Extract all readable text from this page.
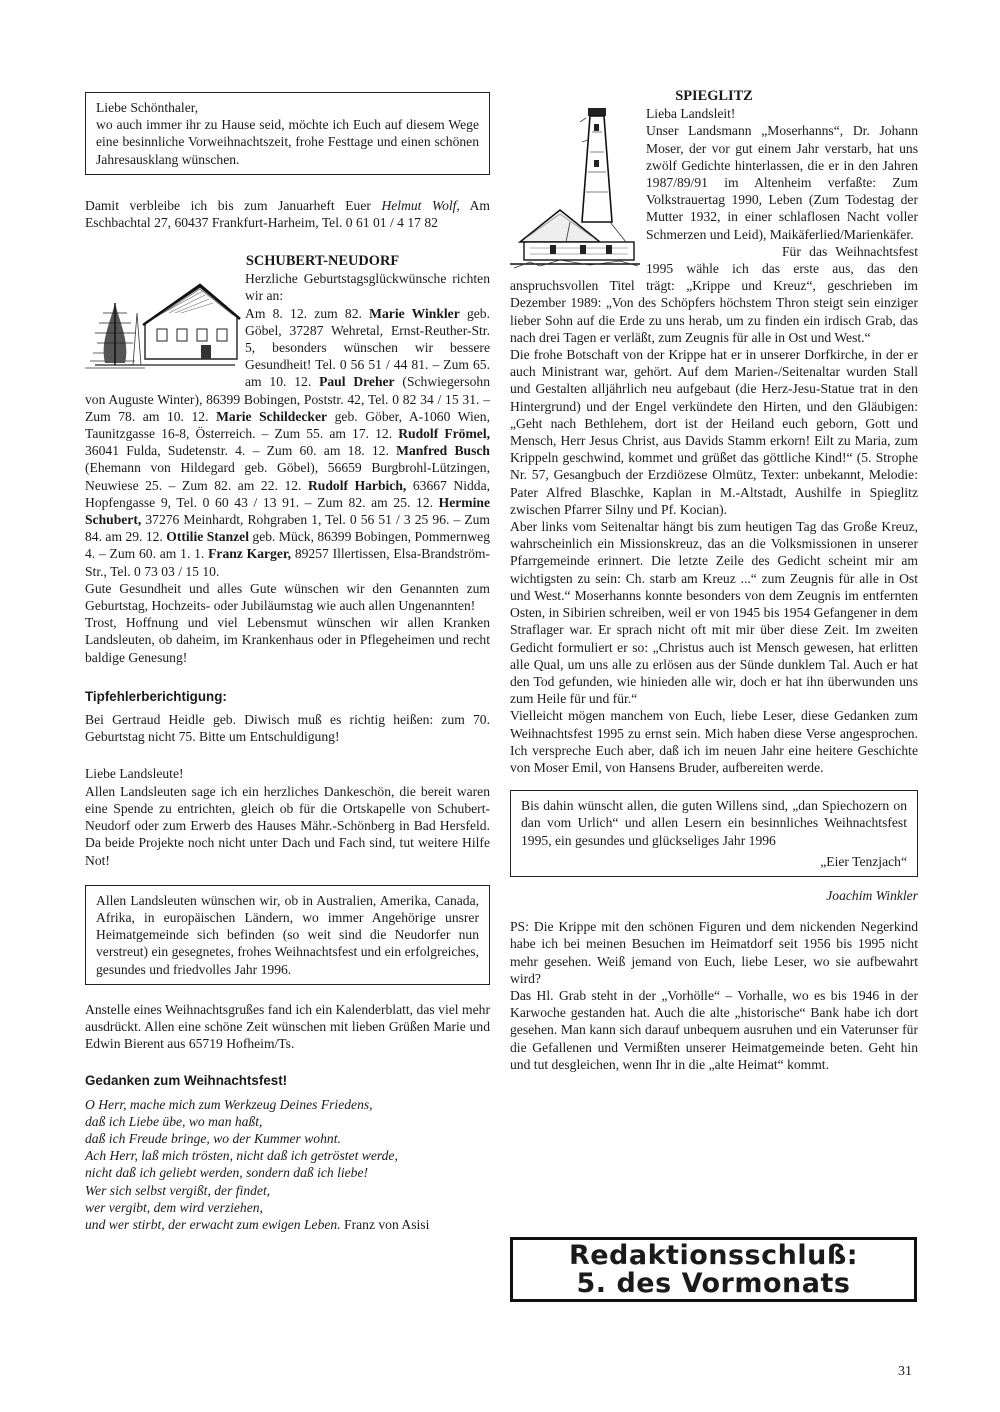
Liebe Schönthaler,

wo auch immer ihr zu Hause seid, möchte ich Euch auf diesem Wege eine besinnliche Vorweihnachtszeit, frohe Festtage und einen schönen Jahresausklang wünschen.

Damit verbleibe ich bis zum Januarheft Euer Helmut Wolf, Am Eschbachtal 27, 60437 Frankfurt-Harheim, Tel. 0 61 01 / 4 17 82

SCHUBERT-NEUDORF

Herzliche Geburtstagsglückwünsche richten wir an:

Am 8. 12. zum 82. Marie Winkler geb. Göbel, 37287 Wehretal, Ernst-Reuther-Str. 5, besonders wünschen wir bessere Gesundheit! Tel. 0 56 51 / 44 81. – Zum 65. am 10. 12. Paul Dreher (Schwiegersohn von Auguste Winter), 86399 Bobingen, Poststr. 42, Tel. 0 82 34 / 15 31. – Zum 78. am 10. 12. Marie Schildecker geb. Göber, A-1060 Wien, Taunitzgasse 16-8, Österreich. – Zum 55. am 17. 12. Rudolf Frömel, 36041 Fulda, Sudetenstr. 4. – Zum 60. am 18. 12. Manfred Busch (Ehemann von Hildegard geb. Göbel), 56659 Burgbrohl-Lützingen, Neuwiese 25. – Zum 82. am 22. 12. Rudolf Harbich, 63667 Nidda, Hopfengasse 9, Tel. 0 60 43 / 13 91. – Zum 82. am 25. 12. Hermine Schubert, 37276 Meinhardt, Rohgraben 1, Tel. 0 56 51 / 3 25 96. – Zum 84. am 29. 12. Ottilie Stanzel geb. Mück, 86399 Bobingen, Pommernweg 4. – Zum 60. am 1. 1. Franz Karger, 89257 Illertissen, Elsa-Brandström-Str., Tel. 0 73 03 / 15 10.

Gute Gesundheit und alles Gute wünschen wir den Genannten zum Geburtstag, Hochzeits- oder Jubiläumstag wie auch allen Ungenannten!

Trost, Hoffnung und viel Lebensmut wünschen wir allen Kranken Landsleuten, ob daheim, im Krankenhaus oder in Pflegeheimen und recht baldige Genesung!

Tipfehlerberichtigung:

Bei Gertraud Heidle geb. Diwisch muß es richtig heißen: zum 70. Geburtstag nicht 75. Bitte um Entschuldigung!

Liebe Landsleute!

Allen Landsleuten sage ich ein herzliches Dankeschön, die bereit waren eine Spende zu entrichten, gleich ob für die Ortskapelle von Schubert-Neudorf oder zum Erwerb des Hauses Mähr.-Schönberg in Bad Hersfeld. Da beide Projekte noch nicht unter Dach und Fach sind, tut weitere Hilfe Not!

Allen Landsleuten wünschen wir, ob in Australien, Amerika, Canada, Afrika, in europäischen Ländern, wo immer Angehörige unsrer Heimatgemeinde sich befinden (so weit sind die Neudorfer nun verstreut) ein gesegnetes, frohes Weihnachtsfest und ein erfolgreiches, gesundes und friedvolles Jahr 1996.

Anstelle eines Weihnachtsgrußes fand ich ein Kalenderblatt, das viel mehr ausdrückt. Allen eine schöne Zeit wünschen mit lieben Grüßen Marie und Edwin Bierent aus 65719 Hofheim/Ts.

Gedanken zum Weihnachtsfest!
O Herr, mache mich zum Werkzeug Deines Friedens,
daß ich Liebe übe, wo man haßt,
daß ich Freude bringe, wo der Kummer wohnt.
Ach Herr, laß mich trösten, nicht daß ich getröstet werde,
nicht daß ich geliebt werden, sondern daß ich liebe!
Wer sich selbst vergißt, der findet,
wer vergibt, dem wird verziehen,
und wer stirbt, der erwacht zum ewigen Leben. Franz von Asisi
SPIEGLITZ

Lieba Landsleit!

Unser Landsmann „Moserhanns“, Dr. Johann Moser, der vor gut einem Jahr verstarb, hat uns zwölf Gedichte hinterlassen, die er in den Jahren 1987/89/91 im Altenheim verfaßte: Zum Volkstrauertag 1990, Leben (Zum Todestag der Mutter 1932, in einer schlaflosen Nacht voller Schmerzen und Leid), Maikäferlied/Marienkäfer.

Für das Weihnachtsfest 1995 wähle ich das erste aus, das den anspruchsvollen Titel trägt: „Krippe und Kreuz“, geschrieben im Dezember 1989: „Von des Schöpfers höchstem Thron steigt sein einziger lieber Sohn auf die Erde zu uns herab, um zu finden ein irdisch Grab, das nach drei Tagen er verläßt, zum Zeugnis für alle in Ost und West.“

Die frohe Botschaft von der Krippe hat er in unserer Dorfkirche, in der er auch Ministrant war, gehört. Auf dem Marien-/Seitenaltar wurden Stall und Gestalten alljährlich neu aufgebaut (die Herz-Jesu-Statue trat in den Hintergrund) und der Engel verkündete den Hirten, und den Gläubigen: „Geht nach Bethlehem, dort ist der Heiland euch geborn, Gott und Mensch, Herr Jesus Christ, aus Davids Stamm erkorn! Eilt zu Maria, zum Krippeln geschwind, kommet und grüßet das göttliche Kind!“ (5. Strophe Nr. 57, Gesangbuch der Erzdiözese Olmütz, Texter: unbekannt, Melodie: Pater Alfred Blaschke, Kaplan in M.-Altstadt, Aushilfe in Spieglitz zwischen Pfarrer Silny und Pf. Kocian).

Aber links vom Seitenaltar hängt bis zum heutigen Tag das Große Kreuz, wahrscheinlich ein Missionskreuz, das an die Volksmissionen in unserer Pfarrgemeinde erinnert. Die letzte Zeile des Gedicht scheint mir am wichtigsten zu sein: Ch. starb am Kreuz ...“ zum Zeugnis für alle in Ost und West.“ Moserhanns konnte besonders von dem Zeugnis im entfernten Osten, in Sibirien schreiben, weil er von 1945 bis 1954 Gefangener in dem Straflager war. Er sprach nicht oft mit mir über diese Zeit. Im zweiten Gedicht formuliert er so: „Christus auch ist Mensch gewesen, hat erlitten alle Qual, um uns alle zu erlösen aus der Sünde dunklem Tal. Auch er hat den Tod gefunden, wie hinieden alle wir, doch er hat ihn überwunden uns zum Heile für und für.“

Vielleicht mögen manchem von Euch, liebe Leser, diese Gedanken zum Weihnachtsfest 1995 zu ernst sein. Mich haben diese Verse angesprochen. Ich verspreche Euch aber, daß ich im neuen Jahr eine heitere Geschichte von Moser Emil, von Hansens Bruder, aufbereiten werde.

Bis dahin wünscht allen, die guten Willens sind, „dan Spiechozern on dan vom Urlich“ und allen Lesern ein besinnliches Weihnachtsfest 1995, ein gesundes und glückseliges Jahr 1996

„Eier Tenzjach“

Joachim Winkler

PS: Die Krippe mit den schönen Figuren und dem nickenden Negerkind habe ich bei meinen Besuchen im Heimatdorf seit 1956 bis 1995 nicht mehr gesehen. Weiß jemand von Euch, liebe Leser, wo sie aufbewahrt wird?

Das Hl. Grab steht in der „Vorhölle“ – Vorhalle, wo es bis 1946 in der Karwoche gestanden hat. Auch die alte „historische“ Bank habe ich dort gesehen. Man kann sich darauf unbequem ausruhen und ein Vaterunser für die Gefallenen und Vermißten unserer Heimatgemeinde beten. Geht hin und tut desgleichen, wenn Ihr in die „alte Heimat“ kommt.

Redaktionsschluß:
5. des Vormonats
31
